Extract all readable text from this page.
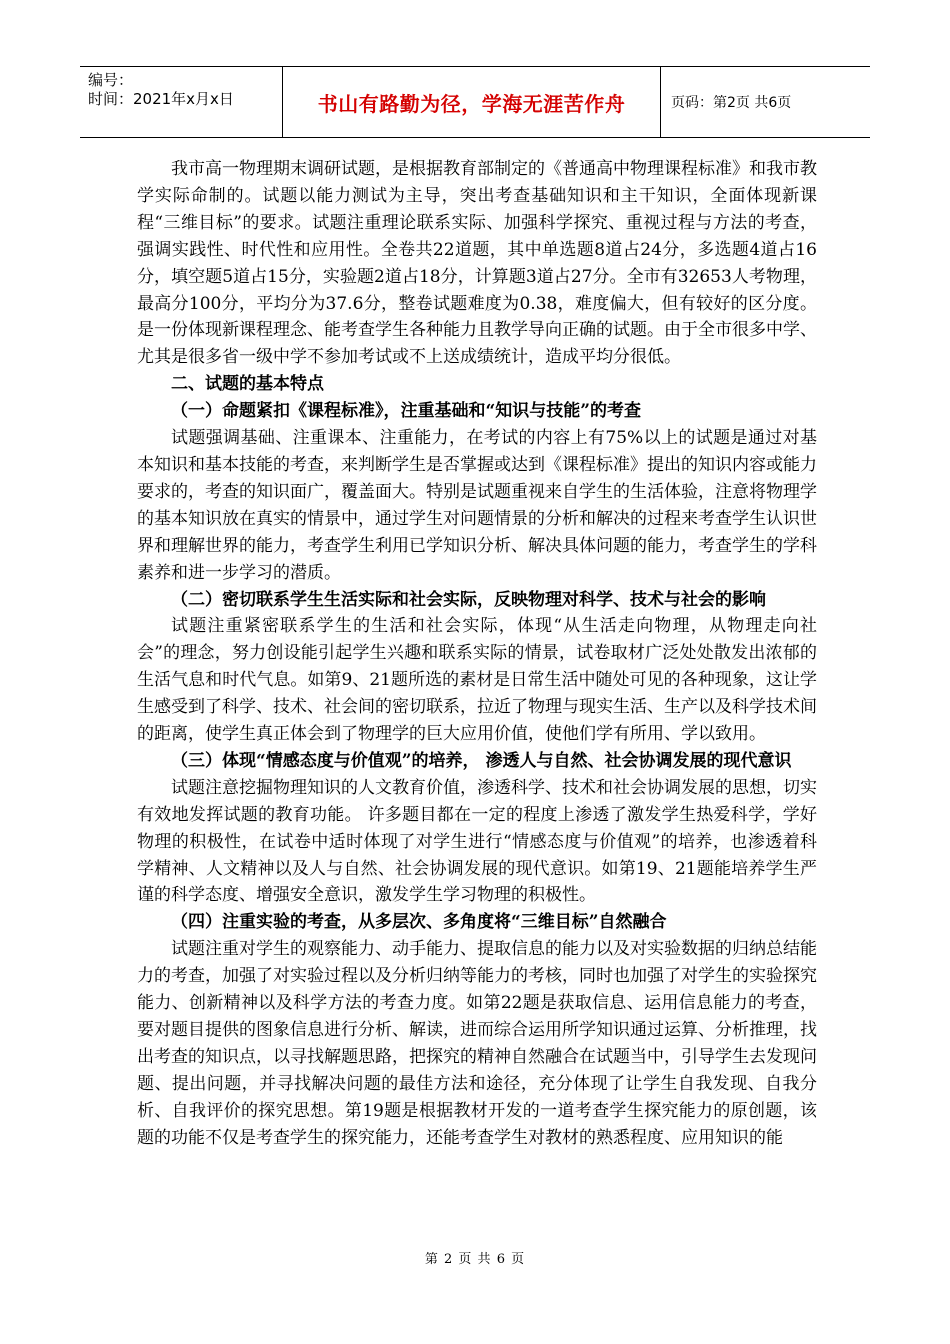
编号：
时间：2021年x月x日	书山有路勤为径，学海无涯苦作舟	页码：第2页 共6页

我市高一物理期末调研试题，是根据教育部制定的《普通高中物理课程标准》和我市教学实际命制的。试题以能力测试为主导，突出考查基础知识和主干知识，全面体现新课程“三维目标”的要求。试题注重理论联系实际、加强科学探究、重视过程与方法的考查，强调实践性、时代性和应用性。全卷共22道题，其中单选题8道占24分，多选题4道占16分，填空题5道占15分，实验题2道占18分，计算题3道占27分。全市有32653人考物理，最高分100分，平均分为37.6分，整卷试题难度为0.38，难度偏大，但有较好的区分度。是一份体现新课程理念、能考查学生各种能力且教学导向正确的试题。由于全市很多中学、尤其是很多省一级中学不参加考试或不上送成绩统计，造成平均分很低。

二、试题的基本特点

（一）命题紧扣《课程标准》，注重基础和“知识与技能”的考查

试题强调基础、注重课本、注重能力，在考试的内容上有75%以上的试题是通过对基本知识和基本技能的考查，来判断学生是否掌握或达到《课程标准》提出的知识内容或能力要求的，考查的知识面广，覆盖面大。特别是试题重视来自学生的生活体验，注意将物理学的基本知识放在真实的情景中，通过学生对问题情景的分析和解决的过程来考查学生认识世界和理解世界的能力，考查学生利用已学知识分析、解决具体问题的能力，考查学生的学科素养和进一步学习的潜质。

（二）密切联系学生生活实际和社会实际，反映物理对科学、技术与社会的影响

试题注重紧密联系学生的生活和社会实际，体现“从生活走向物理，从物理走向社会”的理念，努力创设能引起学生兴趣和联系实际的情景，试卷取材广泛处处散发出浓郁的生活气息和时代气息。如第9、21题所选的素材是日常生活中随处可见的各种现象，这让学生感受到了科学、技术、社会间的密切联系，拉近了物理与现实生活、生产以及科学技术间的距离，使学生真正体会到了物理学的巨大应用价值，使他们学有所用、学以致用。

（三）体现“情感态度与价值观”的培养， 渗透人与自然、社会协调发展的现代意识

试题注意挖掘物理知识的人文教育价值，渗透科学、技术和社会协调发展的思想，切实有效地发挥试题的教育功能。 许多题目都在一定的程度上渗透了激发学生热爱科学，学好物理的积极性，在试卷中适时体现了对学生进行“情感态度与价值观”的培养，也渗透着科学精神、人文精神以及人与自然、社会协调发展的现代意识。如第19、21题能培养学生严谨的科学态度、增强安全意识，激发学生学习物理的积极性。

（四）注重实验的考查，从多层次、多角度将“三维目标”自然融合

试题注重对学生的观察能力、动手能力、提取信息的能力以及对实验数据的归纳总结能力的考查，加强了对实验过程以及分析归纳等能力的考核，同时也加强了对学生的实验探究能力、创新精神以及科学方法的考查力度。如第22题是获取信息、运用信息能力的考查，要对题目提供的图象信息进行分析、解读，进而综合运用所学知识通过运算、分析推理，找出考查的知识点，以寻找解题思路，把探究的精神自然融合在试题当中，引导学生去发现问题、提出问题，并寻找解决问题的最佳方法和途径，充分体现了让学生自我发现、自我分析、自我评价的探究思想。第19题是根据教材开发的一道考查学生探究能力的原创题，该题的功能不仅是考查学生的探究能力，还能考查学生对教材的熟悉程度、应用知识的能

第 2 页 共 6 页
